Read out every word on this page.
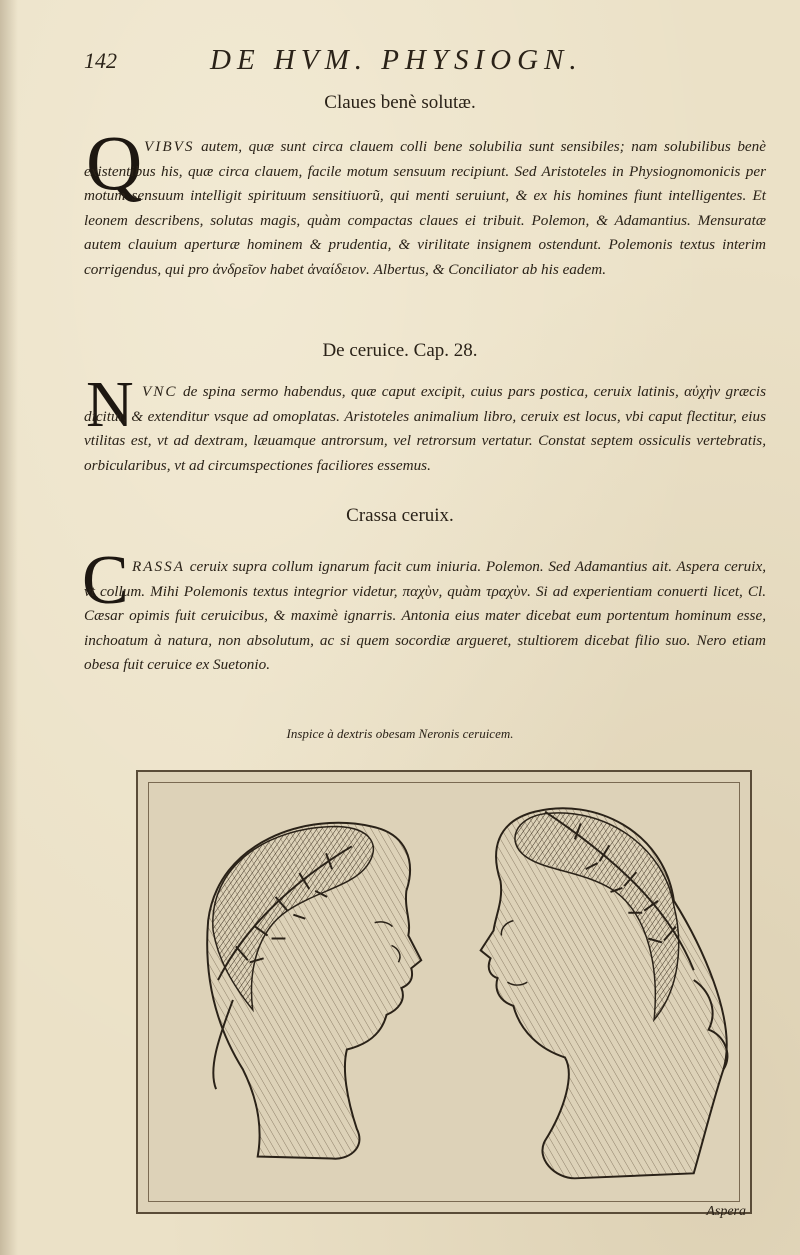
142	DE HVM. PHYSIOGN.
Claues benè solutæ.
Q VIBVS autem, quæ sunt circa clauem colli bene solubilia sunt sensibiles; nam solubilibus benè existentibus his, quæ circa clauem, facile motum sensuum recipiunt. Sed Aristoteles in Physiognomonicis per motum sensuum intelligit spirituum sensitiuorũ, qui menti seruiunt, & ex his homines fiunt intelligentes. Et leonem describens, solutas magis, quàm compactas claues ei tribuit. Polemon, & Adamantius. Mensuratæ autem clauium aperturæ hominem & prudentia, & virilitate insignem ostendunt. Polemonis textus interim corrigendus, qui pro ἀνδρεῖον habet ἀναίδειον. Albertus, & Conciliator ab his eadem.
De ceruice. Cap. 28.
N VNC de spina sermo habendus, quæ caput excipit, cuius pars postica, ceruix latinis, αὐχὴν græcis dicitur, & extenditur vsque ad omoplatas. Aristoteles animalium libro, ceruix est locus, vbi caput flectitur, eius vtilitas est, vt ad dextram, læuamque antrorsum, vel retrorsum vertatur. Constat septem ossiculis vertebratis, orbicularibus, vt ad circumspectiones faciliores essemus.
Crassa ceruix.
C RASSA ceruix supra collum ignarum facit cum iniuria. Polemon. Sed Adamantius ait. Aspera ceruix, vt collum. Mihi Polemonis textus integrior videtur, παχὺν, quàm τραχὺν. Si ad experientiam conuerti licet, Cl. Cæsar opimis fuit ceruicibus, & maximè ignarris. Antonia eius mater dicebat eum portentum hominum esse, inchoatum à natura, non absolutum, ac si quem socordiæ argueret, stultiorem dicebat filio suo. Nero etiam obesa fuit ceruice ex Suetonio.
Inspice à dextris obesam Neronis ceruicem.
Aspera
